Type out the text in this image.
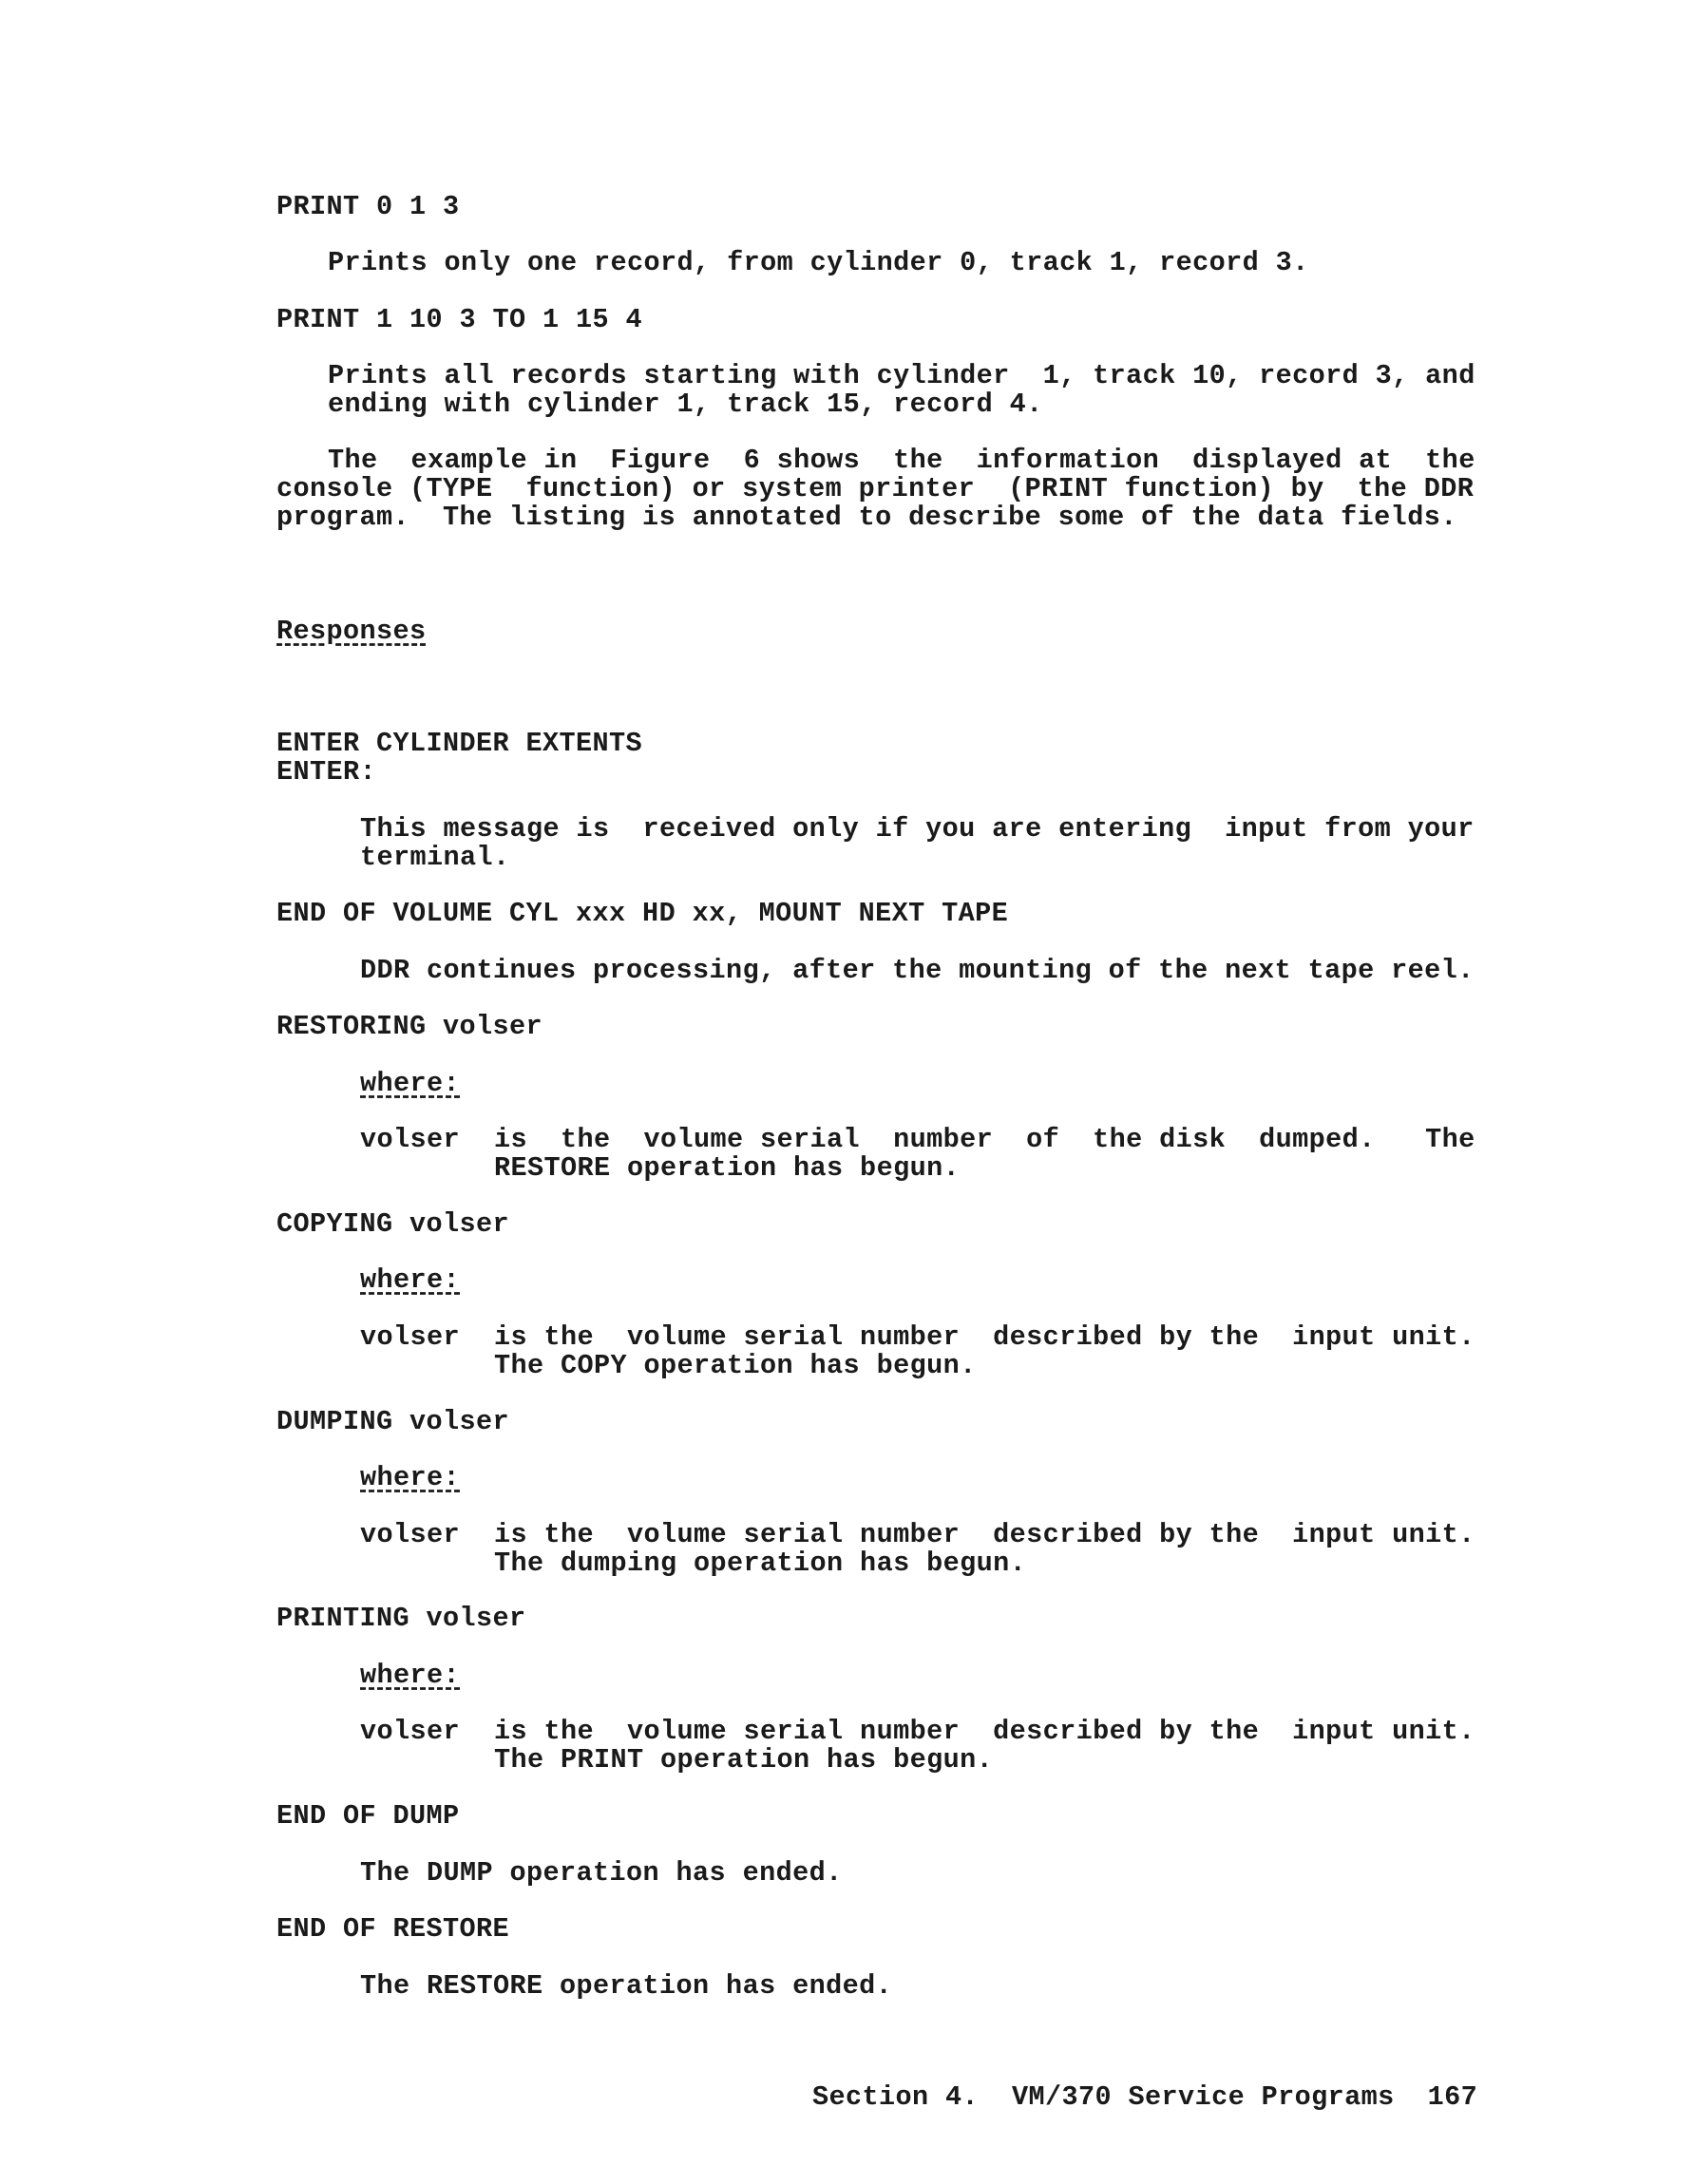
PRINT 0 1 3
Prints only one record, from cylinder 0, track 1, record 3.
PRINT 1 10 3 TO 1 15 4
Prints all records starting with cylinder  1, track 10, record 3, and
ending with cylinder 1, track 15, record 4.
The  example in  Figure  6 shows  the  information  displayed at  the
console (TYPE  function) or system printer  (PRINT function) by  the DDR
program.  The listing is annotated to describe some of the data fields.
Responses
ENTER CYLINDER EXTENTS
ENTER:
This message is  received only if you are entering  input from your
terminal.
END OF VOLUME CYL xxx HD xx, MOUNT NEXT TAPE
DDR continues processing, after the mounting of the next tape reel.
RESTORING volser
where:
volser is  the  volume serial  number  of  the disk  dumped.   The
RESTORE operation has begun.
COPYING volser
where:
volser is the  volume serial number  described by the  input unit.
The COPY operation has begun.
DUMPING volser
where:
volser is the  volume serial number  described by the  input unit.
The dumping operation has begun.
PRINTING volser
where:
volser is the  volume serial number  described by the  input unit.
The PRINT operation has begun.
END OF DUMP
The DUMP operation has ended.
END OF RESTORE
The RESTORE operation has ended.
Section 4.  VM/370 Service Programs  167
